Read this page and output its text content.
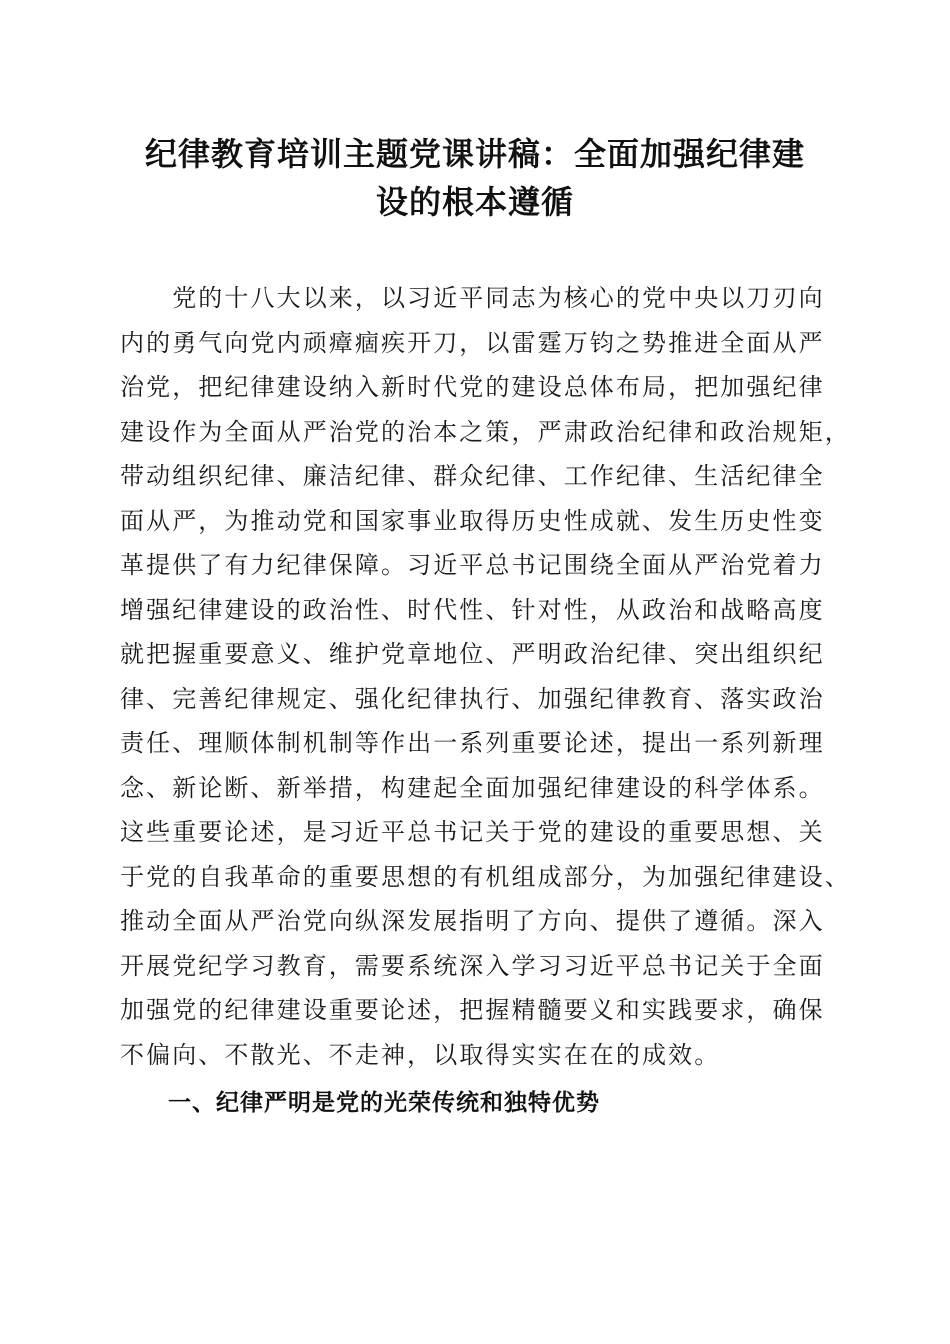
纪律教育培训主题党课讲稿：全面加强纪律建
设的根本遵循
　　党的十八大以来，以习近平同志为核心的党中央以刀刃向
内的勇气向党内顽瘴痼疾开刀，以雷霆万钧之势推进全面从严
治党，把纪律建设纳入新时代党的建设总体布局，把加强纪律
建设作为全面从严治党的治本之策，严肃政治纪律和政治规矩，
带动组织纪律、廉洁纪律、群众纪律、工作纪律、生活纪律全
面从严，为推动党和国家事业取得历史性成就、发生历史性变
革提供了有力纪律保障。习近平总书记围绕全面从严治党着力
增强纪律建设的政治性、时代性、针对性，从政治和战略高度
就把握重要意义、维护党章地位、严明政治纪律、突出组织纪
律、完善纪律规定、强化纪律执行、加强纪律教育、落实政治
责任、理顺体制机制等作出一系列重要论述，提出一系列新理
念、新论断、新举措，构建起全面加强纪律建设的科学体系。
这些重要论述，是习近平总书记关于党的建设的重要思想、关
于党的自我革命的重要思想的有机组成部分，为加强纪律建设、
推动全面从严治党向纵深发展指明了方向、提供了遵循。深入
开展党纪学习教育，需要系统深入学习习近平总书记关于全面
加强党的纪律建设重要论述，把握精髓要义和实践要求，确保
不偏向、不散光、不走神，以取得实实在在的成效。
一、纪律严明是党的光荣传统和独特优势
